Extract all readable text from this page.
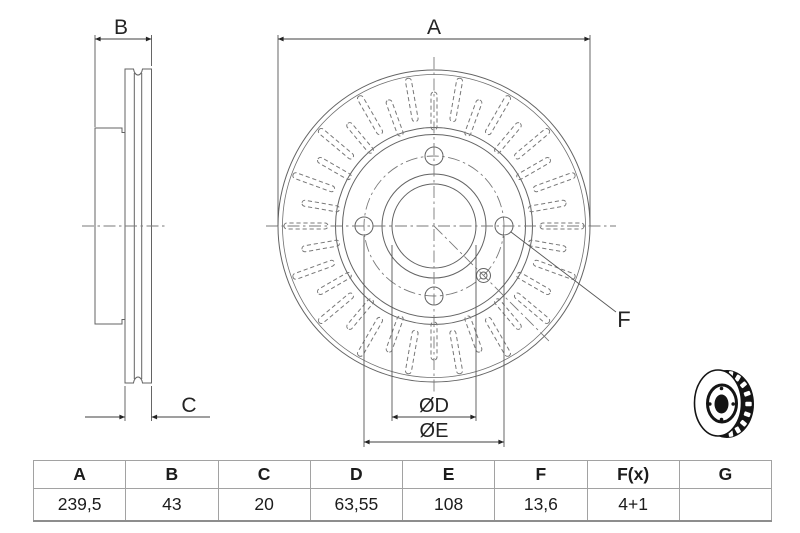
B
C
A
ØD
ØE
F
A	B	C	D	E	F	F(x)	G
239,5	43	20	63,55	108	13,6	4+1	
